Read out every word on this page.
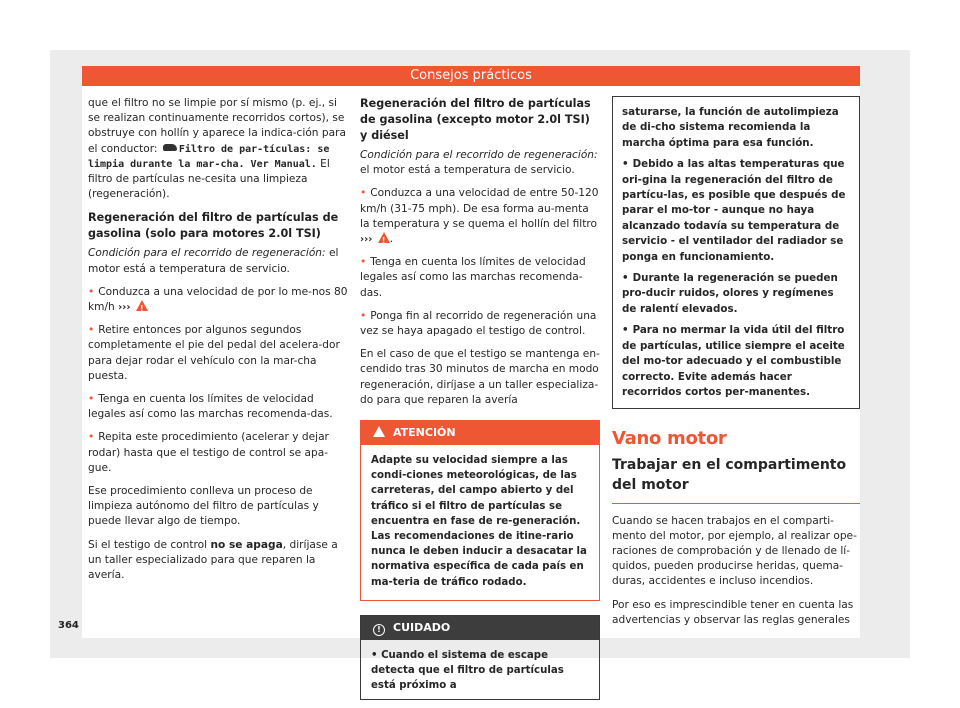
Consejos prácticos

que el filtro no se limpie por sí mismo (p. ej., si se realizan continuamente recorridos cortos), se obstruye con hollín y aparece la indica-ción para el conductor: Filtro de par-tículas: se limpia durante la mar-cha. Ver Manual. El filtro de partículas ne-cesita una limpieza (regeneración).

Regeneración del filtro de partículas de gasolina (solo para motores 2.0l TSI)

Condición para el recorrido de regeneración: el motor está a temperatura de servicio.

• Conduzca a una velocidad de por lo me-nos 80 km/h ››› !

• Retire entonces por algunos segundos completamente el pie del pedal del acelera-dor para dejar rodar el vehículo con la mar-cha puesta.

• Tenga en cuenta los límites de velocidad legales así como las marchas recomenda-das.

• Repita este procedimiento (acelerar y dejar rodar) hasta que el testigo de control se apa-gue.

Ese procedimiento conlleva un proceso de limpieza autónomo del filtro de partículas y puede llevar algo de tiempo.

Si el testigo de control no se apaga, diríjase a un taller especializado para que reparen la avería.

Regeneración del filtro de partículas de gasolina (excepto motor 2.0l TSI) y diésel

Condición para el recorrido de regeneración: el motor está a temperatura de servicio.

• Conduzca a una velocidad de entre 50-120 km/h (31-75 mph). De esa forma au-menta la temperatura y se quema el hollín del filtro ››› ! .

• Tenga en cuenta los límites de velocidad legales así como las marchas recomenda-das.

• Ponga fin al recorrido de regeneración una vez se haya apagado el testigo de control.

En el caso de que el testigo se mantenga en-cendido tras 30 minutos de marcha en modo regeneración, diríjase a un taller especializa-do para que reparen la avería

ATENCIÓN
Adapte su velocidad siempre a las condi-ciones meteorológicas, de las carreteras, del campo abierto y del tráfico si el filtro de partículas se encuentra en fase de re-generación. Las recomendaciones de itine-rario nunca le deben inducir a desacatar la normativa específica de cada país en ma-teria de tráfico rodado.
! CUIDADO
• Cuando el sistema de escape detecta que el filtro de partículas está próximo a
saturarse, la función de autolimpieza de di-cho sistema recomienda la marcha óptima para esa función.
• Debido a las altas temperaturas que ori-gina la regeneración del filtro de partícu-las, es posible que después de parar el mo-tor - aunque no haya alcanzado todavía su temperatura de servicio - el ventilador del radiador se ponga en funcionamiento.
• Durante la regeneración se pueden pro-ducir ruidos, olores y regímenes de ralentí elevados.
• Para no mermar la vida útil del filtro de partículas, utilice siempre el aceite del mo-tor adecuado y el combustible correcto. Evite además hacer recorridos cortos per-manentes.
Vano motor
Trabajar en el compartimento del motor

Cuando se hacen trabajos en el comparti-mento del motor, por ejemplo, al realizar ope-raciones de comprobación y de llenado de lí-quidos, pueden producirse heridas, quema-duras, accidentes e incluso incendios.

Por eso es imprescindible tener en cuenta las advertencias y observar las reglas generales

364
